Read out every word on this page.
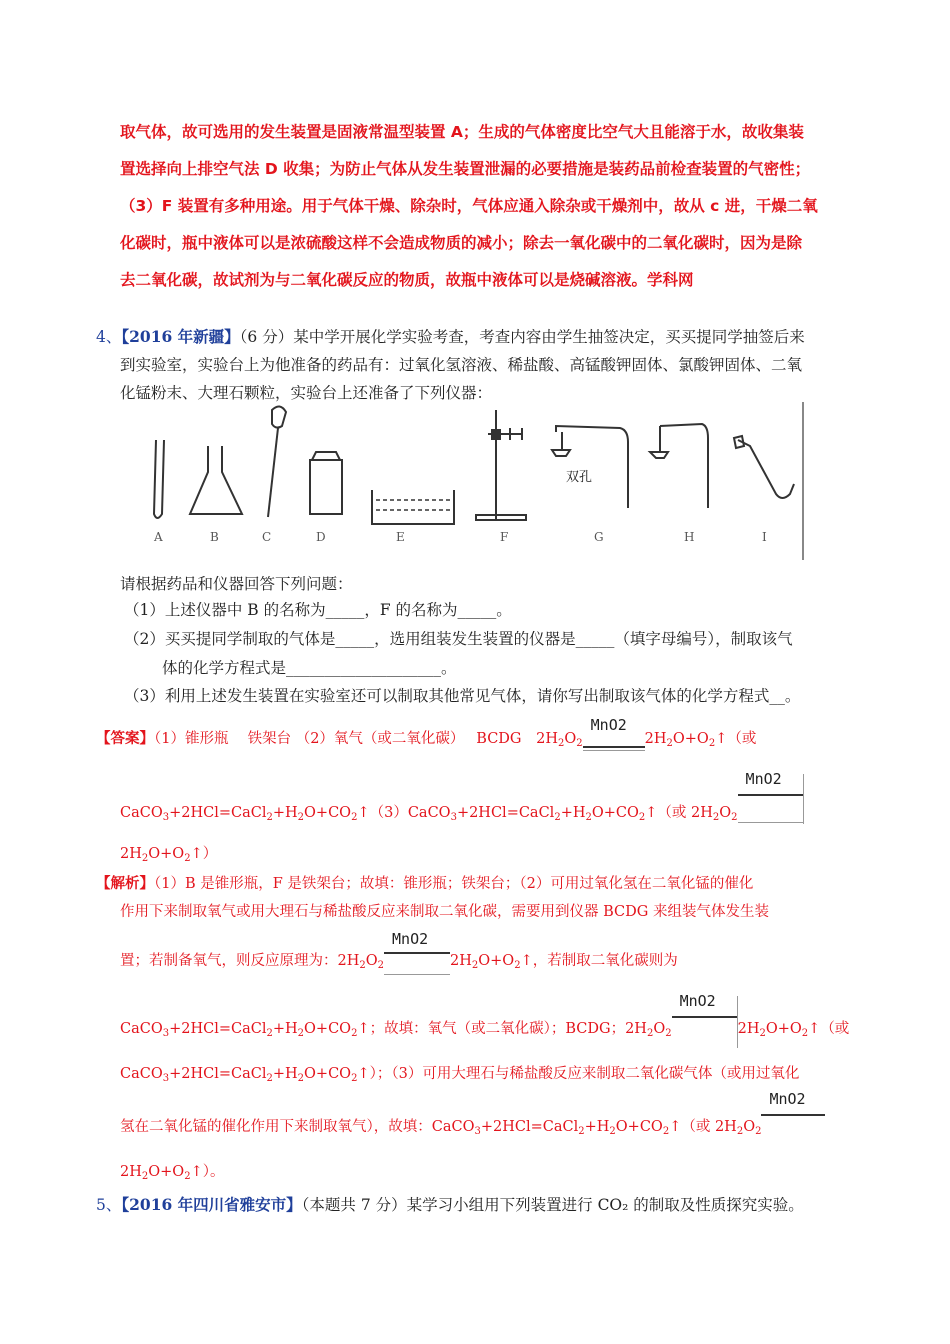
取气体，故可选用的发生装置是固液常温型装置 A；生成的气体密度比空气大且能溶于水，故收集装
置选择向上排空气法 D 收集；为防止气体从发生装置泄漏的必要措施是装药品前检查装置的气密性；
（3）F 装置有多种用途。用于气体干燥、除杂时，气体应通入除杂或干燥剂中，故从 c 进，干燥二氧
化碳时，瓶中液体可以是浓硫酸这样不会造成物质的减小；除去一氧化碳中的二氧化碳时，因为是除
去二氧化碳，故试剂为与二氧化碳反应的物质，故瓶中液体可以是烧碱溶液。学科网
4、【2016 年新疆】（6 分）某中学开展化学实验考查，考查内容由学生抽签决定，买买提同学抽签后来
到实验室，实验台上为他准备的药品有：过氧化氢溶液、稀盐酸、高锰酸钾固体、氯酸钾固体、二氧
化锰粉末、大理石颗粒，实验台上还准备了下列仪器：
双孔
A	B	C	D	E	F	G	H	I
请根据药品和仪器回答下列问题：
（1）上述仪器中 B 的名称为_____，F 的名称为_____。
（2）买买提同学制取的气体是_____，选用组装发生装置的仪器是_____（填字母编号），制取该气
体的化学方程式是____________________。
（3）利用上述发生装置在实验室还可以制取其他常见气体，请你写出制取该气体的化学方程式__。
【答案】（1）锥形瓶　 铁架台 （2）氧气（或二氧化碳）　 BCDG $2H_2O_2$
MnO2
$2H_2O+O_2↑$（或
$CaCO_3+2HCl=CaCl_2+H_2O+CO_2↑(3)CaCO_3+2HCl=CaCl_2+H_2O+CO_2↑$（或 $2H_2O_2$
MnO2
$2H_2O+O_2↑$）
【解析】（1）B 是锥形瓶，F 是铁架台；故填：锥形瓶；铁架台；（2）可用过氧化氢在二氧化锰的催化
作用下来制取氧气或用大理石与稀盐酸反应来制取二氧化碳，需要用到仪器 BCDG 来组装气体发生装
置；若制备氧气，则反应原理为：$2H_2O_2$
MnO2
$2H_2O+O_2↑$，若制取二氧化碳则为
$CaCO_3+2HCl=CaCl_2+H_2O+CO_2↑$；故填：氧气（或二氧化碳）；BCDG；$2H_2O_2$
MnO2
$2H_2O+O_2↑$（或
$CaCO_3+2HCl=CaCl_2+H_2O+CO_2↑$）；（3）可用大理石与稀盐酸反应来制取二氧化碳气体（或用过氧化
氢在二氧化锰的催化作用下来制取氧气），故填：$CaCO_3+2HCl=CaCl_2+H_2O+CO_2↑$（或 $2H_2O_2$
MnO2
$2H_2O+O_2↑$）。
5、【2016 年四川省雅安市】（本题共 7 分）某学习小组用下列装置进行 CO₂ 的制取及性质探究实验。
